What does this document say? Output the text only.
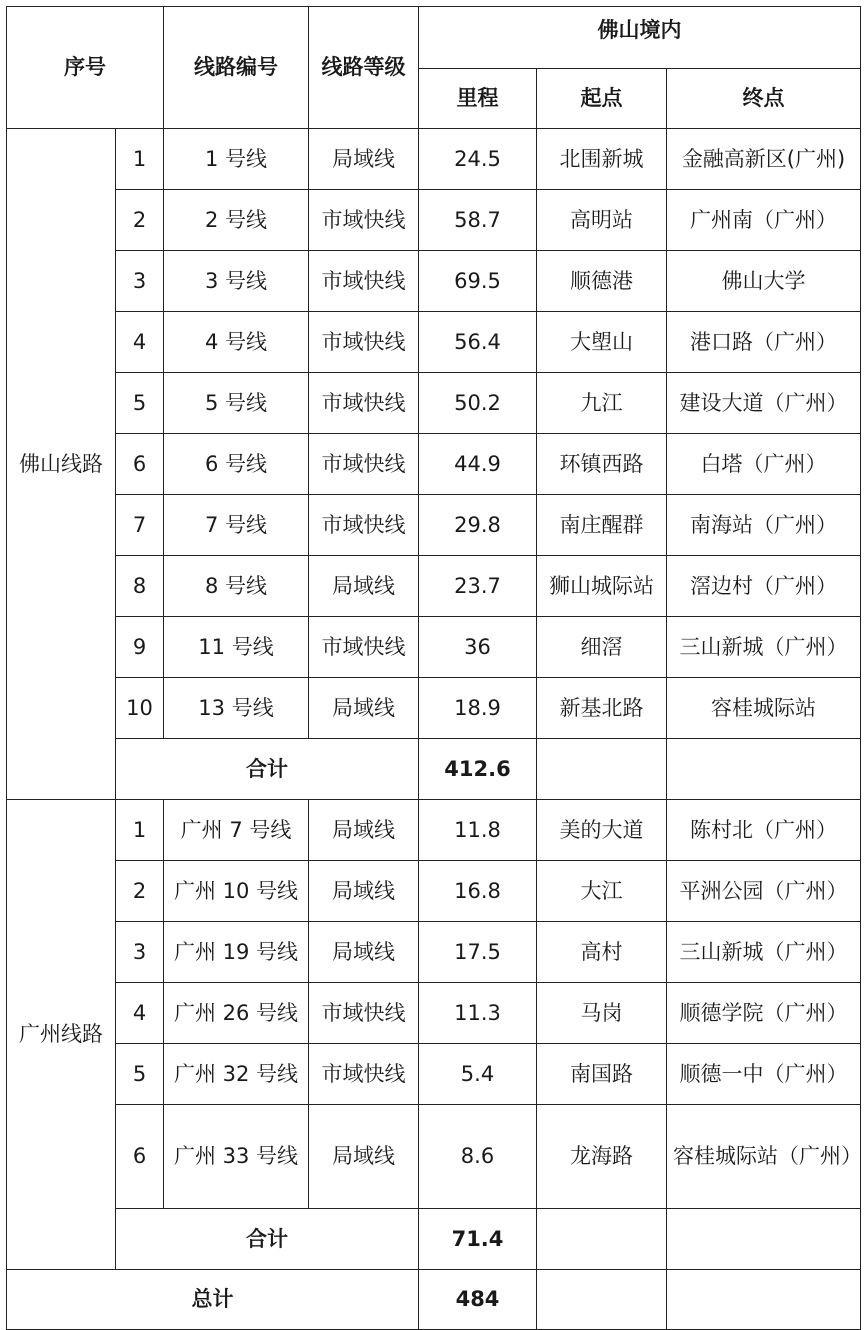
序号		线路编号	线路等级	佛山境内		
				里程	起点	终点
佛山线路	1	1 号线	局域线	24.5	北围新城	金融高新区(广州)
	2	2 号线	市域快线	58.7	高明站	广州南（广州）
	3	3 号线	市域快线	69.5	顺德港	佛山大学
	4	4 号线	市域快线	56.4	大塱山	港口路（广州）
	5	5 号线	市域快线	50.2	九江	建设大道（广州）
	6	6 号线	市域快线	44.9	环镇西路	白塔（广州）
	7	7 号线	市域快线	29.8	南庄醒群	南海站（广州）
	8	8 号线	局域线	23.7	狮山城际站	滘边村（广州）
	9	11 号线	市域快线	36	细滘	三山新城（广州）
	10	13 号线	局域线	18.9	新基北路	容桂城际站
	合计			412.6		
广州线路	1	广州 7 号线	局域线	11.8	美的大道	陈村北（广州）
	2	广州 10 号线	局域线	16.8	大江	平洲公园（广州）
	3	广州 19 号线	局域线	17.5	高村	三山新城（广州）
	4	广州 26 号线	市域快线	11.3	马岗	顺德学院（广州）
	5	广州 32 号线	市域快线	5.4	南国路	顺德一中（广州）
	6	广州 33 号线	局域线	8.6	龙海路	容桂城际站（广州）
	合计			71.4		
总计				484		
